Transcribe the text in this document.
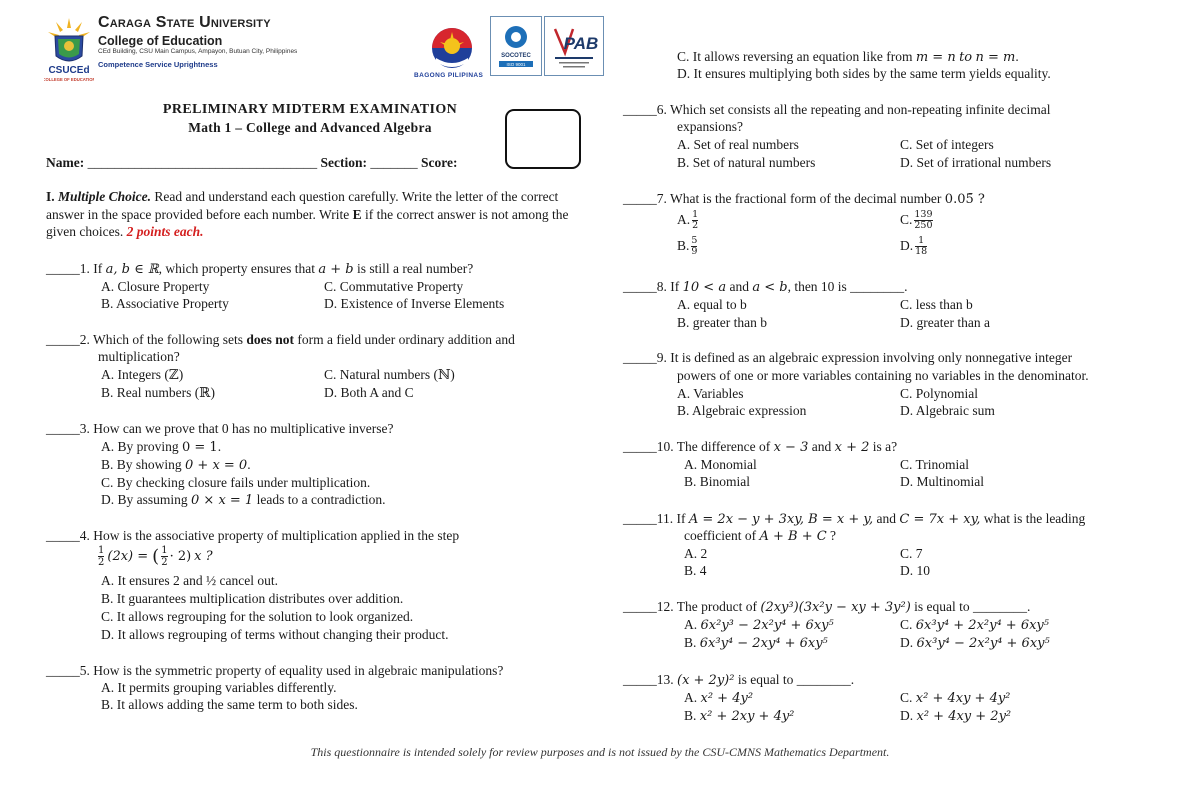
CSUCEd
COLLEGE OF EDUCATION
Caraga State University
College of Education
CEd Building, CSU Main Campus, Ampayon, Butuan City, Philippines
Competence Service Uprightness
BAGONG PILIPINAS
SOCOTEC
ISO 9001
PAB
PRELIMINARY MIDTERM EXAMINATION
Math 1 – College and Advanced Algebra
Name: __________________________________ Section: _______ Score:
I. Multiple Choice. Read and understand each question carefully. Write the letter of the correct answer in the space provided before each number. Write E if the correct answer is not among the given choices. 2 points each.
_____1. If a, b ∈ ℝ, which property ensures that a + b is still a real number?
A. Closure Property	C. Commutative Property
B. Associative Property	D. Existence of Inverse Elements
_____2. Which of the following sets does not form a field under ordinary addition and
multiplication?
A. Integers (ℤ)	C. Natural numbers (ℕ)
B. Real numbers (ℝ)	D. Both A and C
_____3. How can we prove that 0 has no multiplicative inverse?
A. By proving 0 = 1.
B. By showing 0 + x = 0.
C. By checking closure fails under multiplication.
D. By assuming 0 × x = 1 leads to a contradiction.
_____4. How is the associative property of multiplication applied in the step
$\frac{1}{2} (2x)$ = ( $\frac{1}{2} \cdot 2$) x ?
A. It ensures 2 and ½ cancel out.
B. It guarantees multiplication distributes over addition.
C. It allows regrouping for the solution to look organized.
D. It allows regrouping of terms without changing their product.
_____5. How is the symmetric property of equality used in algebraic manipulations?
A. It permits grouping variables differently.
B. It allows adding the same term to both sides.
C. It allows reversing an equation like from m = n to n = m.
D. It ensures multiplying both sides by the same term yields equality.
_____6. Which set consists all the repeating and non-repeating infinite decimal
expansions?
A. Set of real numbers	C. Set of integers
B. Set of natural numbers	D. Set of irrational numbers
_____7. What is the fractional form of the decimal number 0.05̄ ?
A. $\frac{1}{2}$	C. $\frac{139}{250}$
B. $\frac{5}{9}$	D. $\frac{1}{18}$
_____8. If 10 < a and a < b, then 10 is ________.
A. equal to b	C. less than b
B. greater than b	D. greater than a
_____9. It is defined as an algebraic expression involving only nonnegative integer
powers of one or more variables containing no variables in the denominator.
A. Variables	C. Polynomial
B. Algebraic expression	D. Algebraic sum
_____10. The difference of x − 3 and x + 2 is a?
A. Monomial	C. Trinomial
B. Binomial	D. Multinomial
_____11. If A = 2x − y + 3xy, B = x + y, and C = 7x + xy, what is the leading
coefficient of A + B + C ?
A. 2	C. 7
B. 4	D. 10
_____12. The product of (2xy³)(3x²y − xy + 3y²) is equal to ________.
A. 6x²y³ − 2x²y⁴ + 6xy⁵	C. 6x³y⁴ + 2x²y⁴ + 6xy⁵
B. 6x³y⁴ − 2xy⁴ + 6xy⁵	D. 6x³y⁴ − 2x²y⁴ + 6xy⁵
_____13. (x + 2y)² is equal to ________.
A. x² + 4y²	C. x² + 4xy + 4y²
B. x² + 2xy + 4y²	D. x² + 4xy + 2y²
This questionnaire is intended solely for review purposes and is not issued by the CSU-CMNS Mathematics Department.
